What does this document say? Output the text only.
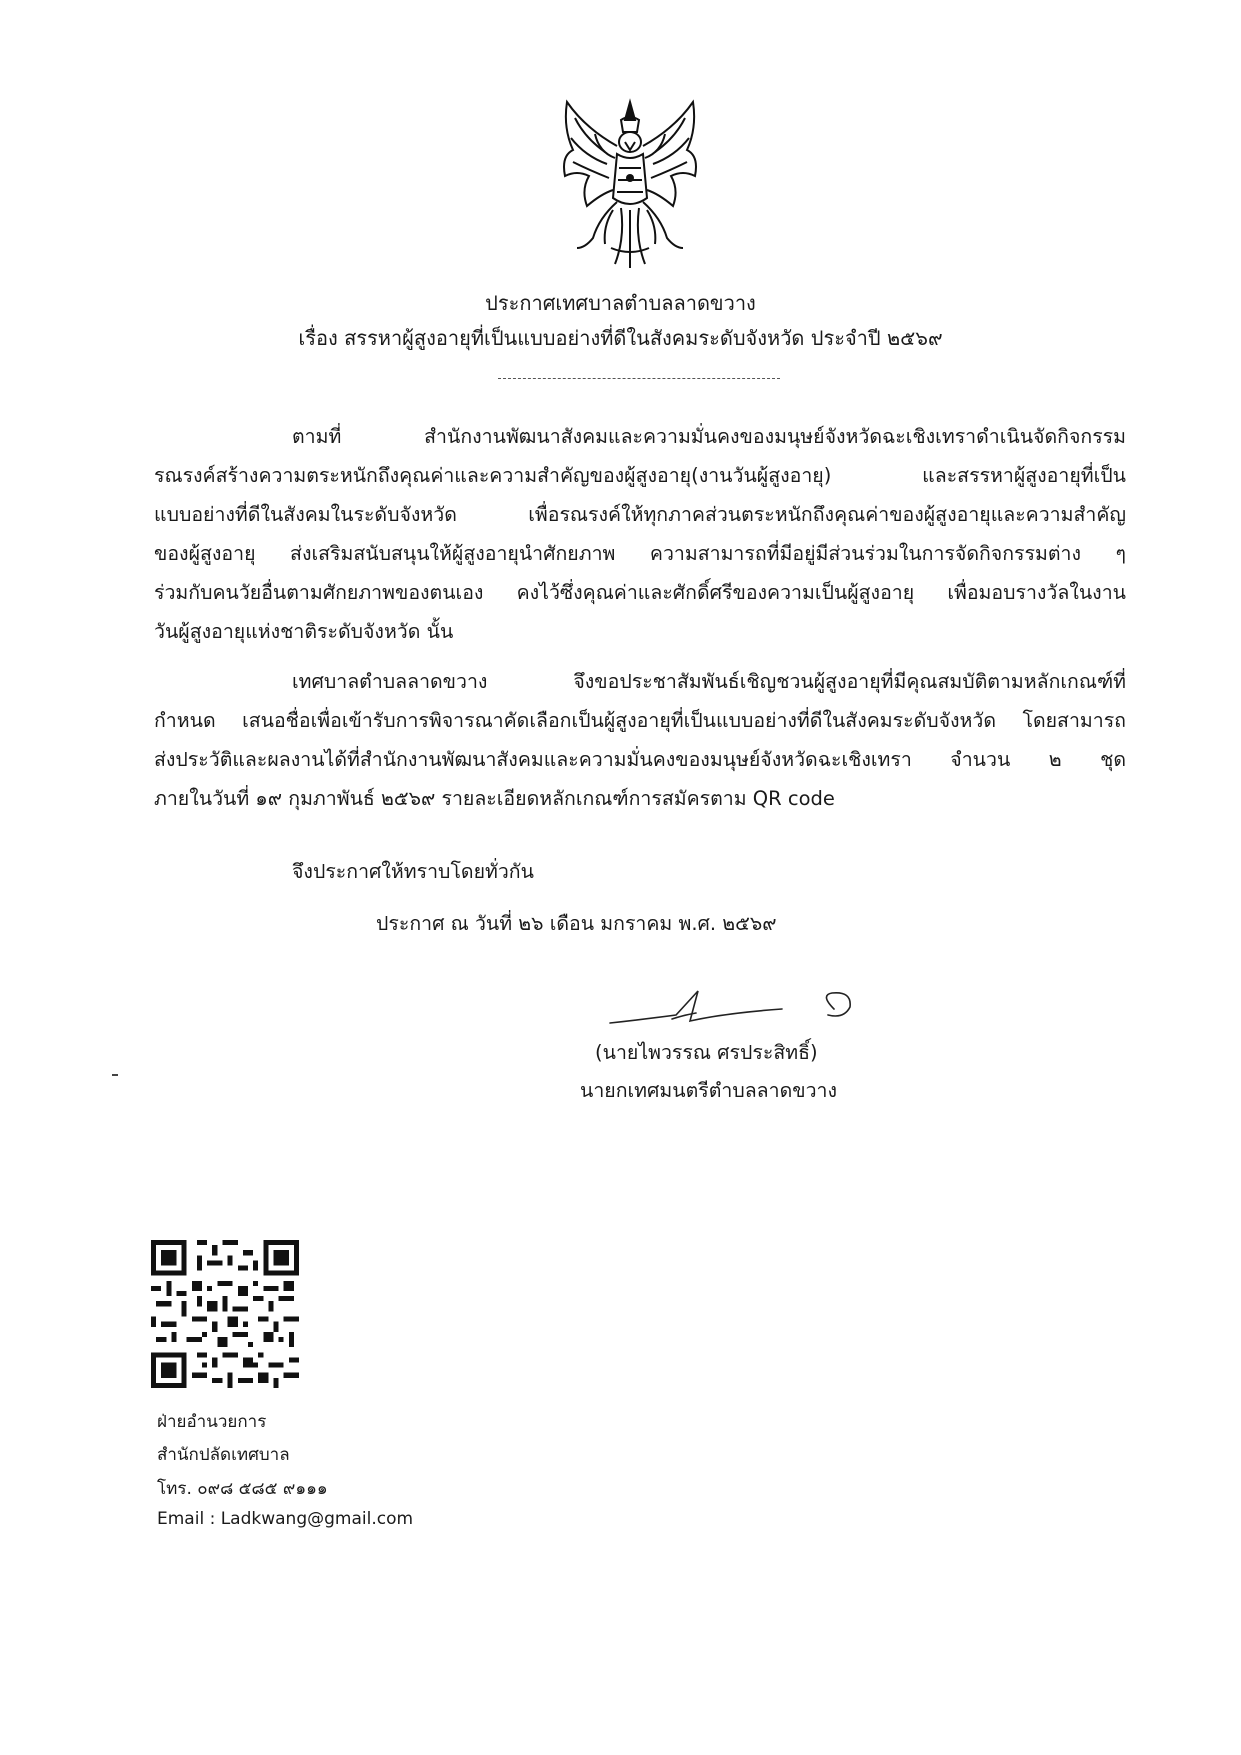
ประกาศเทศบาลตำบลลาดขวาง
เรื่อง สรรหาผู้สูงอายุที่เป็นแบบอย่างที่ดีในสังคมระดับจังหวัด ประจำปี ๒๕๖๙
ตามที่ สำนักงานพัฒนาสังคมและความมั่นคงของมนุษย์จังหวัดฉะเชิงเทราดำเนินจัดกิจกรรม
รณรงค์สร้างความตระหนักถึงคุณค่าและความสำคัญของผู้สูงอายุ(งานวันผู้สูงอายุ) และสรรหาผู้สูงอายุที่เป็น
แบบอย่างที่ดีในสังคมในระดับจังหวัด เพื่อรณรงค์ให้ทุกภาคส่วนตระหนักถึงคุณค่าของผู้สูงอายุและความสำคัญ
ของผู้สูงอายุ ส่งเสริมสนับสนุนให้ผู้สูงอายุนำศักยภาพ ความสามารถที่มีอยู่มีส่วนร่วมในการจัดกิจกรรมต่าง ๆ
ร่วมกับคนวัยอื่นตามศักยภาพของตนเอง คงไว้ซึ่งคุณค่าและศักดิ์ศรีของความเป็นผู้สูงอายุ เพื่อมอบรางวัลในงาน
วันผู้สูงอายุแห่งชาติระดับจังหวัด นั้น
เทศบาลตำบลลาดขวาง จึงขอประชาสัมพันธ์เชิญชวนผู้สูงอายุที่มีคุณสมบัติตามหลักเกณฑ์ที่
กำหนด เสนอชื่อเพื่อเข้ารับการพิจารณาคัดเลือกเป็นผู้สูงอายุที่เป็นแบบอย่างที่ดีในสังคมระดับจังหวัด โดยสามารถ
ส่งประวัติและผลงานได้ที่สำนักงานพัฒนาสังคมและความมั่นคงของมนุษย์จังหวัดฉะเชิงเทรา จำนวน ๒ ชุด
ภายในวันที่ ๑๙ กุมภาพันธ์ ๒๕๖๙ รายละเอียดหลักเกณฑ์การสมัครตาม QR code
จึงประกาศให้ทราบโดยทั่วกัน
ประกาศ ณ วันที่ ๒๖ เดือน มกราคม พ.ศ. ๒๕๖๙
(นายไพวรรณ ศรประสิทธิ์)
นายกเทศมนตรีตำบลลาดขวาง
ฝ่ายอำนวยการ
สำนักปลัดเทศบาล
โทร. ๐๙๘ ๕๘๕ ๙๑๑๑
Email : Ladkwang@gmail.com
